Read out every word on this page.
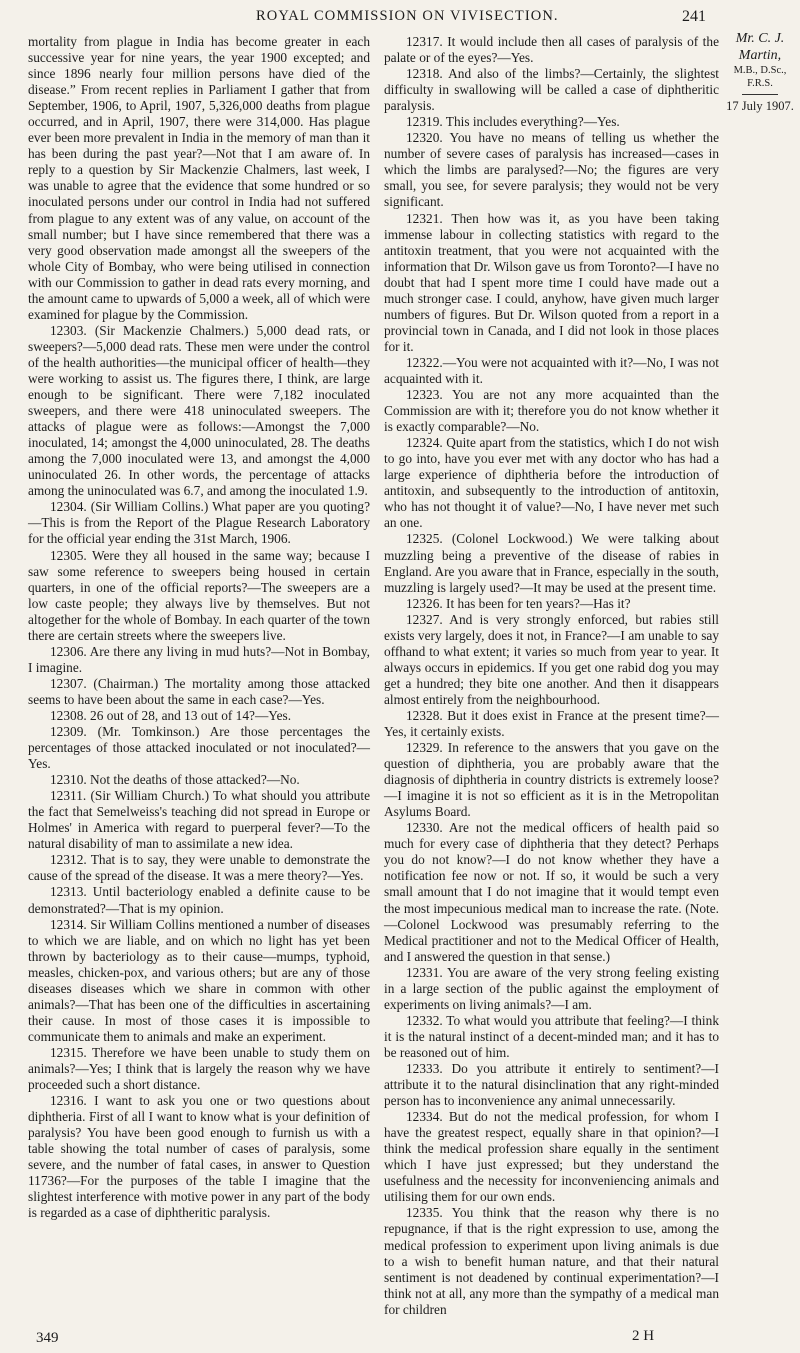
ROYAL COMMISSION ON VIVISECTION.	241
Mr. C. J. Martin,
M.B., D.Sc., F.R.S.
17 July 1907.

mortality from plague in India has become greater in each successive year for nine years, the year 1900 excepted; and since 1896 nearly four million persons have died of the disease.” From recent replies in Parliament I gather that from September, 1906, to April, 1907, 5,326,000 deaths from plague occurred, and in April, 1907, there were 314,000. Has plague ever been more prevalent in India in the memory of man than it has been during the past year?—Not that I am aware of. In reply to a question by Sir Mackenzie Chalmers, last week, I was unable to agree that the evidence that some hundred or so inoculated persons under our control in India had not suffered from plague to any extent was of any value, on account of the small number; but I have since remembered that there was a very good observation made amongst all the sweepers of the whole City of Bombay, who were being utilised in connection with our Commission to gather in dead rats every morning, and the amount came to upwards of 5,000 a week, all of which were examined for plague by the Commission.

12303. (Sir Mackenzie Chalmers.) 5,000 dead rats, or sweepers?—5,000 dead rats. These men were under the control of the health authorities—the municipal officer of health—they were working to assist us. The figures there, I think, are large enough to be significant. There were 7,182 inoculated sweepers, and there were 418 uninoculated sweepers. The attacks of plague were as follows:—Amongst the 7,000 inoculated, 14; amongst the 4,000 uninoculated, 28. The deaths among the 7,000 inoculated were 13, and amongst the 4,000 uninoculated 26. In other words, the percentage of attacks among the uninoculated was 6.7, and among the inoculated 1.9.

12304. (Sir William Collins.) What paper are you quoting?—This is from the Report of the Plague Research Laboratory for the official year ending the 31st March, 1906.

12305. Were they all housed in the same way; because I saw some reference to sweepers being housed in certain quarters, in one of the official reports?—The sweepers are a low caste people; they always live by themselves. But not altogether for the whole of Bombay. In each quarter of the town there are certain streets where the sweepers live.

12306. Are there any living in mud huts?—Not in Bombay, I imagine.

12307. (Chairman.) The mortality among those attacked seems to have been about the same in each case?—Yes.

12308. 26 out of 28, and 13 out of 14?—Yes.

12309. (Mr. Tomkinson.) Are those percentages the percentages of those attacked inoculated or not inoculated?—Yes.

12310. Not the deaths of those attacked?—No.

12311. (Sir William Church.) To what should you attribute the fact that Semelweiss's teaching did not spread in Europe or Holmes' in America with regard to puerperal fever?—To the natural disability of man to assimilate a new idea.

12312. That is to say, they were unable to demonstrate the cause of the spread of the disease. It was a mere theory?—Yes.

12313. Until bacteriology enabled a definite cause to be demonstrated?—That is my opinion.

12314. Sir William Collins mentioned a number of diseases to which we are liable, and on which no light has yet been thrown by bacteriology as to their cause—mumps, typhoid, measles, chicken-pox, and various others; but are any of those diseases diseases which we share in common with other animals?—That has been one of the difficulties in ascertaining their cause. In most of those cases it is impossible to communicate them to animals and make an experiment.

12315. Therefore we have been unable to study them on animals?—Yes; I think that is largely the reason why we have proceeded such a short distance.

12316. I want to ask you one or two questions about diphtheria. First of all I want to know what is your definition of paralysis? You have been good enough to furnish us with a table showing the total number of cases of paralysis, some severe, and the number of fatal cases, in answer to Question 11736?—For the purposes of the table I imagine that the slightest interference with motive power in any part of the body is regarded as a case of diphtheritic paralysis.

12317. It would include then all cases of paralysis of the palate or of the eyes?—Yes.

12318. And also of the limbs?—Certainly, the slightest difficulty in swallowing will be called a case of diphtheritic paralysis.

12319. This includes everything?—Yes.

12320. You have no means of telling us whether the number of severe cases of paralysis has increased—cases in which the limbs are paralysed?—No; the figures are very small, you see, for severe paralysis; they would not be very significant.

12321. Then how was it, as you have been taking immense labour in collecting statistics with regard to the antitoxin treatment, that you were not acquainted with the information that Dr. Wilson gave us from Toronto?—I have no doubt that had I spent more time I could have made out a much stronger case. I could, anyhow, have given much larger numbers of figures. But Dr. Wilson quoted from a report in a provincial town in Canada, and I did not look in those places for it.

12322.—You were not acquainted with it?—No, I was not acquainted with it.

12323. You are not any more acquainted than the Commission are with it; therefore you do not know whether it is exactly comparable?—No.

12324. Quite apart from the statistics, which I do not wish to go into, have you ever met with any doctor who has had a large experience of diphtheria before the introduction of antitoxin, and subsequently to the introduction of antitoxin, who has not thought it of value?—No, I have never met such an one.

12325. (Colonel Lockwood.) We were talking about muzzling being a preventive of the disease of rabies in England. Are you aware that in France, especially in the south, muzzling is largely used?—It may be used at the present time.

12326. It has been for ten years?—Has it?

12327. And is very strongly enforced, but rabies still exists very largely, does it not, in France?—I am unable to say offhand to what extent; it varies so much from year to year. It always occurs in epidemics. If you get one rabid dog you may get a hundred; they bite one another. And then it disappears almost entirely from the neighbourhood.

12328. But it does exist in France at the present time?—Yes, it certainly exists.

12329. In reference to the answers that you gave on the question of diphtheria, you are probably aware that the diagnosis of diphtheria in country districts is extremely loose?—I imagine it is not so efficient as it is in the Metropolitan Asylums Board.

12330. Are not the medical officers of health paid so much for every case of diphtheria that they detect? Perhaps you do not know?—I do not know whether they have a notification fee now or not. If so, it would be such a very small amount that I do not imagine that it would tempt even the most impecunious medical man to increase the rate. (Note.—Colonel Lockwood was presumably referring to the Medical practitioner and not to the Medical Officer of Health, and I answered the question in that sense.)

12331. You are aware of the very strong feeling existing in a large section of the public against the employment of experiments on living animals?—I am.

12332. To what would you attribute that feeling?—I think it is the natural instinct of a decent-minded man; and it has to be reasoned out of him.

12333. Do you attribute it entirely to sentiment?—I attribute it to the natural disinclination that any right-minded person has to inconvenience any animal unnecessarily.

12334. But do not the medical profession, for whom I have the greatest respect, equally share in that opinion?—I think the medical profession share equally in the sentiment which I have just expressed; but they understand the usefulness and the necessity for inconveniencing animals and utilising them for our own ends.

12335. You think that the reason why there is no repugnance, if that is the right expression to use, among the medical profession to experiment upon living animals is due to a wish to benefit human nature, and that their natural sentiment is not deadened by continual experimentation?—I think not at all, any more than the sympathy of a medical man for children

349	2 H
